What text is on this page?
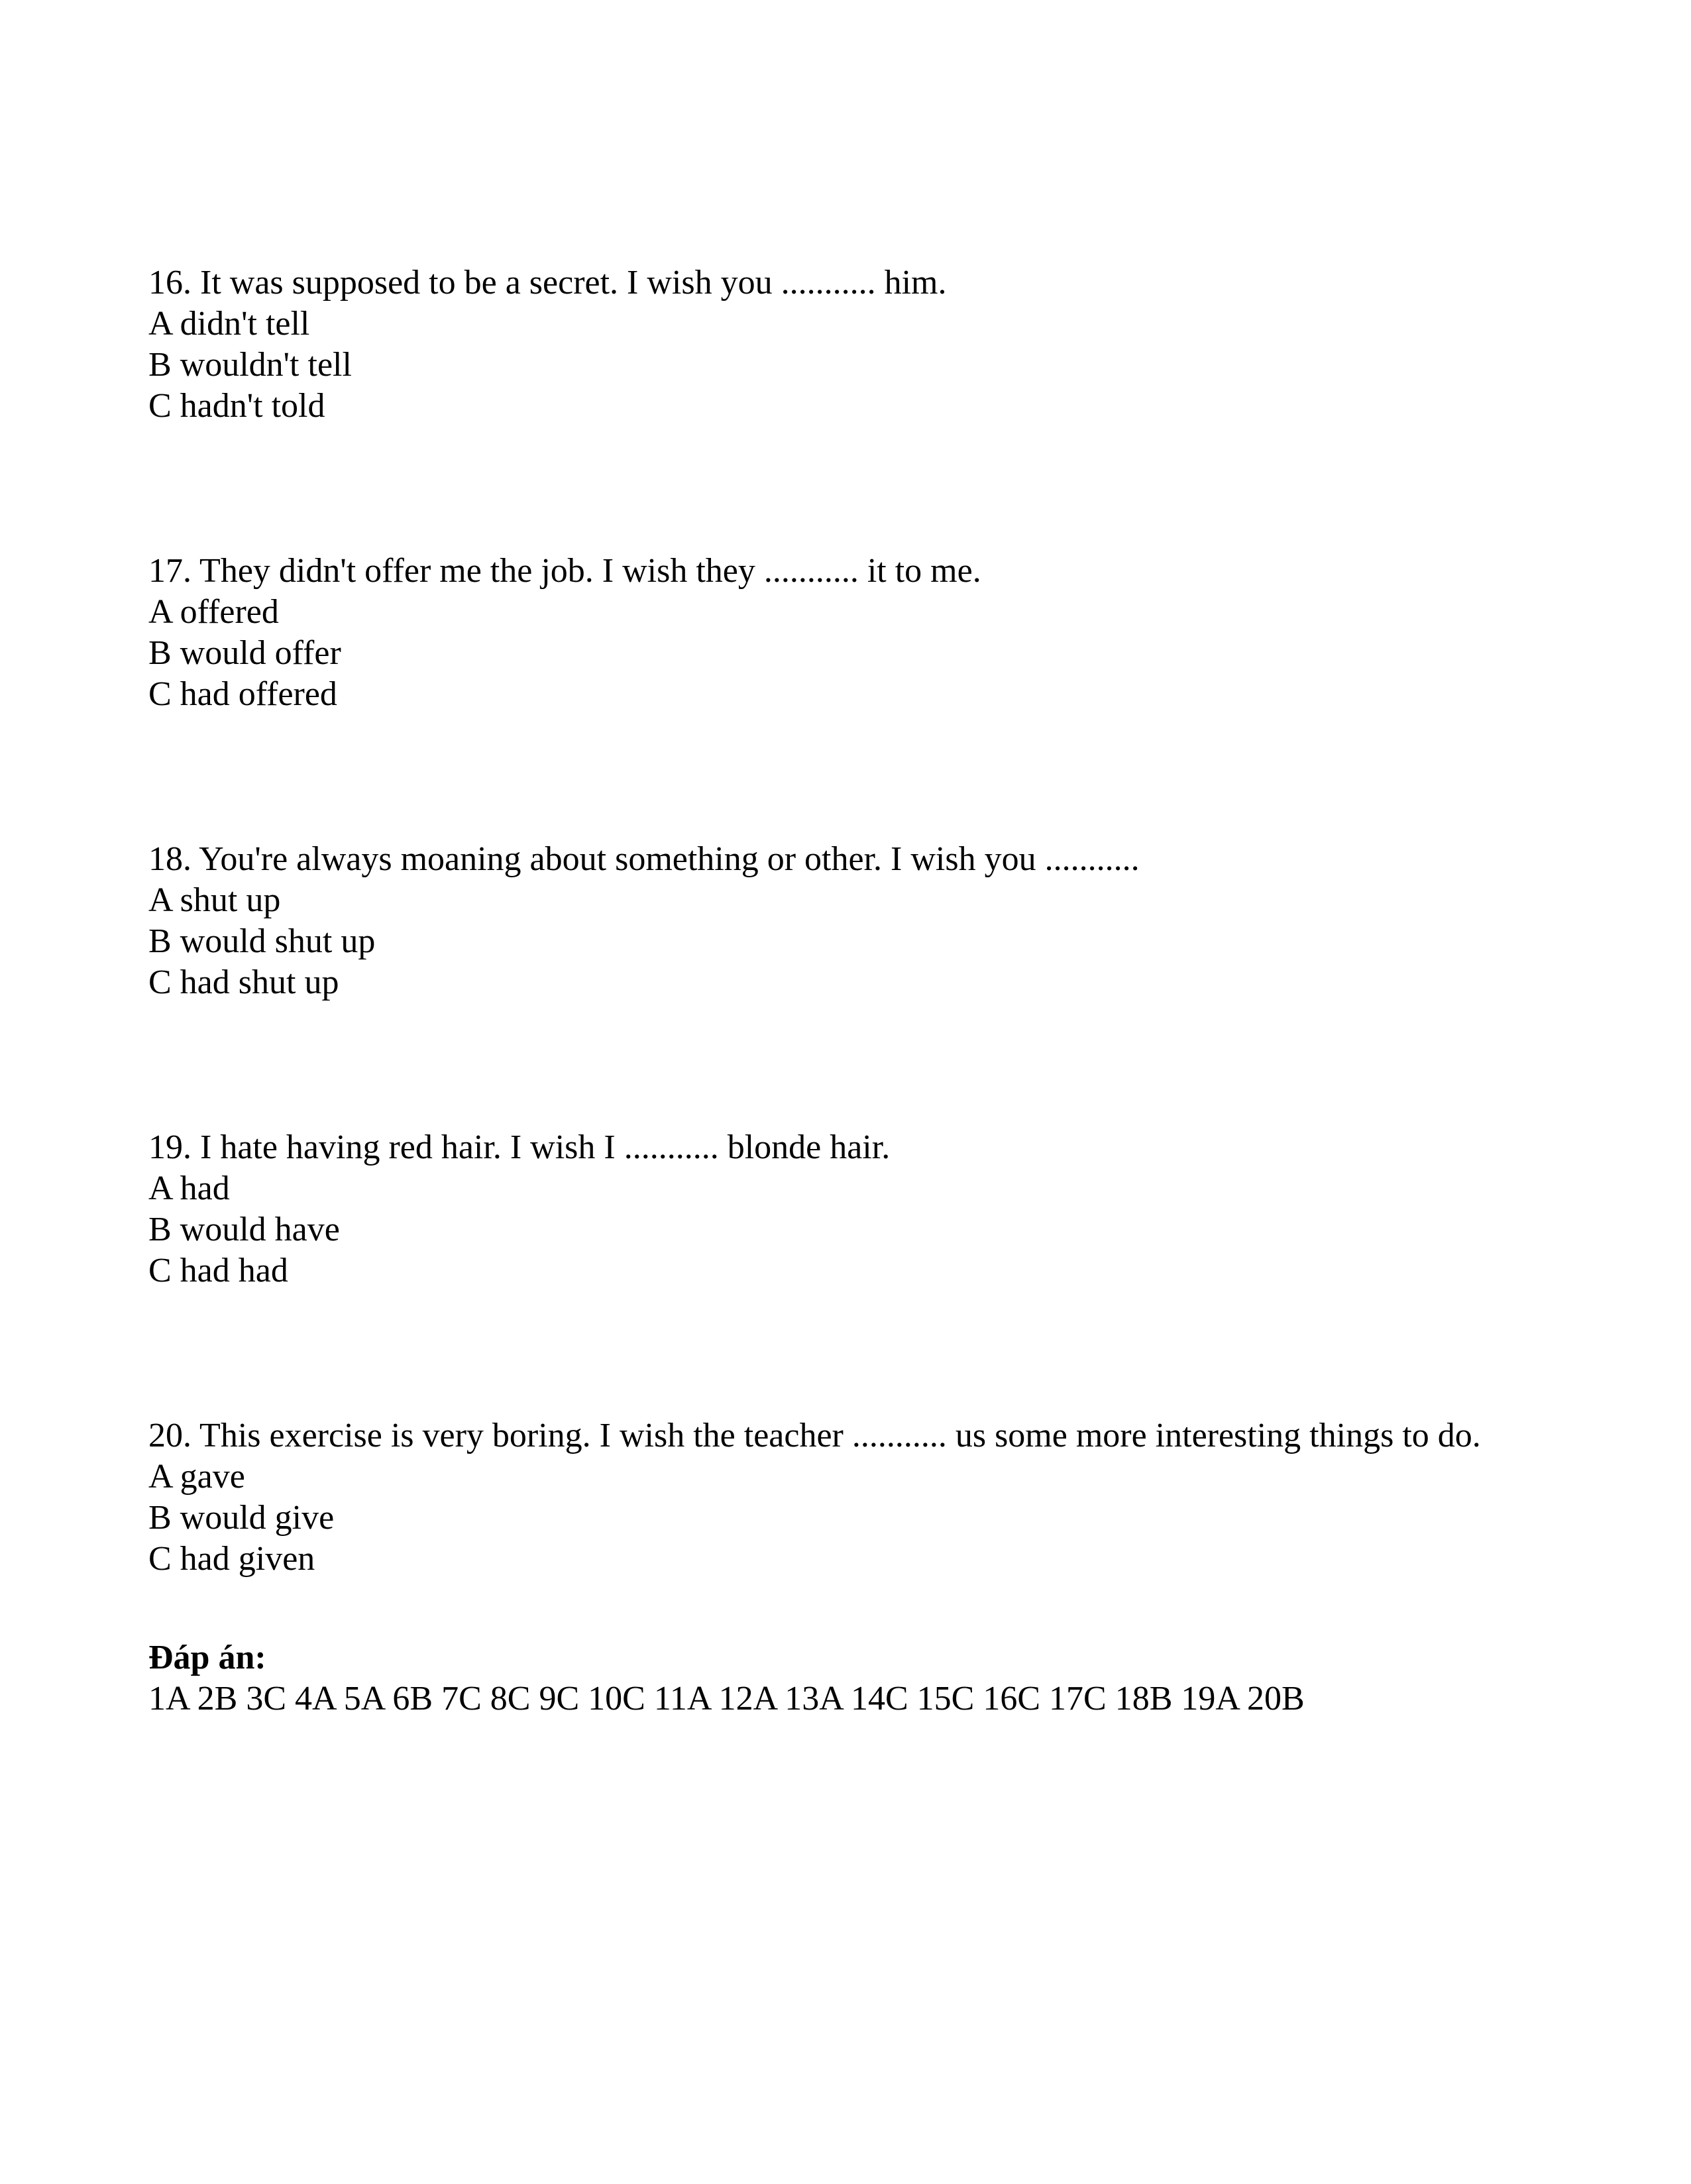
16. It was supposed to be a secret. I wish you ........... him.
A didn't tell
B wouldn't tell
C hadn't told
17. They didn't offer me the job. I wish they ........... it to me.
A offered
B would offer
C had offered
18. You're always moaning about something or other. I wish you ...........
A shut up
B would shut up
C had shut up
19. I hate having red hair. I wish I ........... blonde hair.
A had
B would have
C had had
20. This exercise is very boring. I wish the teacher ........... us some more interesting things to do.
A gave
B would give
C had given
Đáp án:
1A 2B 3C 4A 5A 6B 7C 8C 9C 10C 11A 12A 13A 14C 15C 16C 17C 18B 19A 20B
